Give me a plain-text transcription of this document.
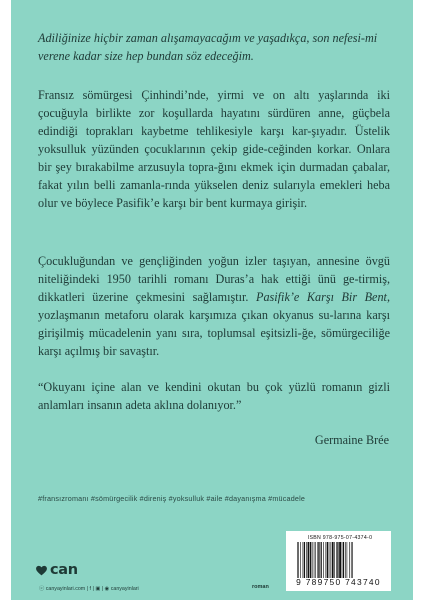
Adiliğinize hiçbir zaman alışamayacağım ve yaşadıkça, son nefesi-mi verene kadar size hep bundan söz edeceğim.
Fransız sömürgesi Çinhindi’nde, yirmi ve on altı yaşlarında iki çocuğuyla birlikte zor koşullarda hayatını sürdüren anne, güçbela edindiği toprakları kaybetme tehlikesiyle karşı kar-şıyadır. Üstelik yoksulluk yüzünden çocuklarının çekip gide-ceğinden korkar. Onlara bir şey bırakabilme arzusuyla topra-ğını ekmek için durmadan çabalar, fakat yılın belli zamanla-rında yükselen deniz sularıyla emekleri heba olur ve böylece Pasifik’e karşı bir bent kurmaya girişir.
Çocukluğundan ve gençliğinden yoğun izler taşıyan, annesine övgü niteliğindeki 1950 tarihli romanı Duras’a hak ettiği ünü ge-tirmiş, dikkatleri üzerine çekmesini sağlamıştır. Pasifik’e Karşı Bir Bent, yozlaşmanın metaforu olarak karşımıza çıkan okyanus su-larına karşı girişilmiş mücadelenin yanı sıra, toplumsal eşitsizli-ğe, sömürgeciliğe karşı açılmış bir savaştır.
“Okuyanı içine alan ve kendini okutan bu çok yüzlü romanın gizli anlamları insanın adeta aklına dolanıyor.”
Germaine Brée
#fransızromanı #sömürgecilik #direniş #yoksulluk #aile #dayanışma #mücadele
ISBN 978-975-07-4374-0
9 789750 743740
can
ⓒ canyayinlari.com | f | ▣ | ◉ canyayinlari	roman
